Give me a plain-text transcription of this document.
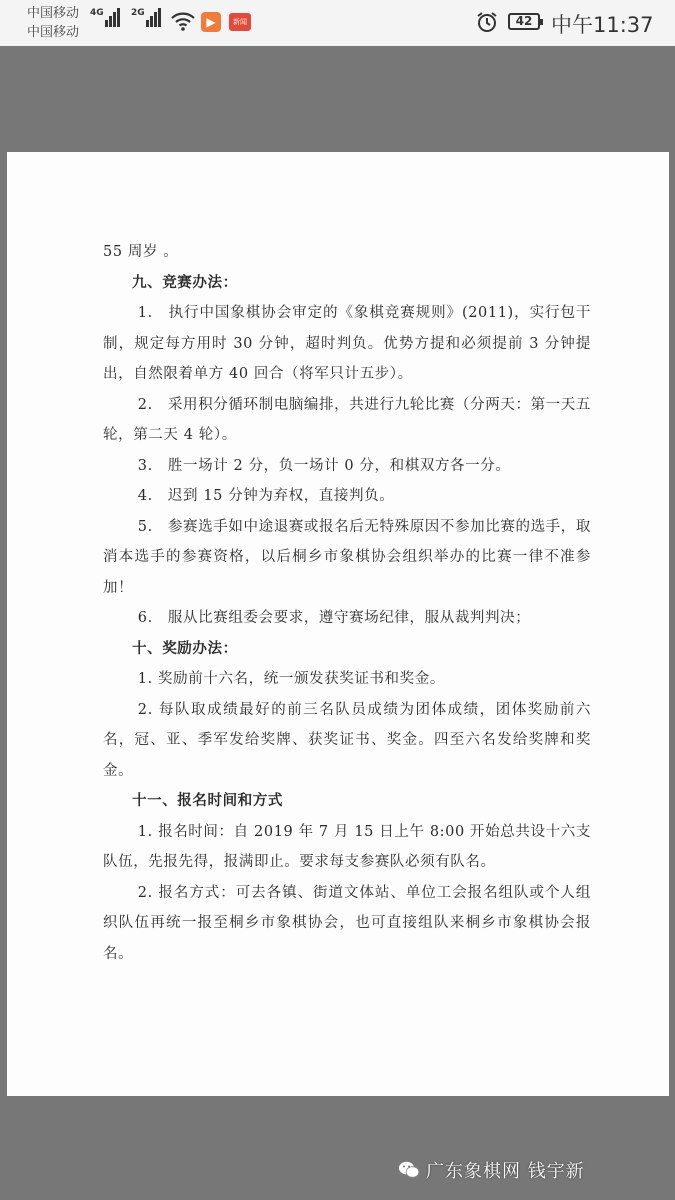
中国移动
中国移动
4G	2G
▶	新闻	42 中午11:37

55 周岁 。

九、竞赛办法：

1.　执行中国象棋协会审定的《象棋竞赛规则》(2011)，实行包干制，规定每方用时 30 分钟，超时判负。优势方提和必须提前 3 分钟提出，自然限着单方 40 回合（将军只计五步）。

2.　采用积分循环制电脑编排，共进行九轮比赛（分两天：第一天五轮，第二天 4 轮）。

3.　胜一场计 2 分，负一场计 0 分，和棋双方各一分。

4.　迟到 15 分钟为弃权，直接判负。

5.　参赛选手如中途退赛或报名后无特殊原因不参加比赛的选手，取消本选手的参赛资格，以后桐乡市象棋协会组织举办的比赛一律不准参加！

6.　服从比赛组委会要求，遵守赛场纪律，服从裁判判决；

十、奖励办法：

1. 奖励前十六名，统一颁发获奖证书和奖金。

2. 每队取成绩最好的前三名队员成绩为团体成绩，团体奖励前六名，冠、亚、季军发给奖牌、获奖证书、奖金。四至六名发给奖牌和奖金。

十一、报名时间和方式

1. 报名时间：自 2019 年 7 月 15 日上午 8:00 开始总共设十六支队伍，先报先得，报满即止。要求每支参赛队必须有队名。

2. 报名方式：可去各镇、街道文体站、单位工会报名组队或个人组织队伍再统一报至桐乡市象棋协会，也可直接组队来桐乡市象棋协会报名。

广东象棋网 钱宇新
